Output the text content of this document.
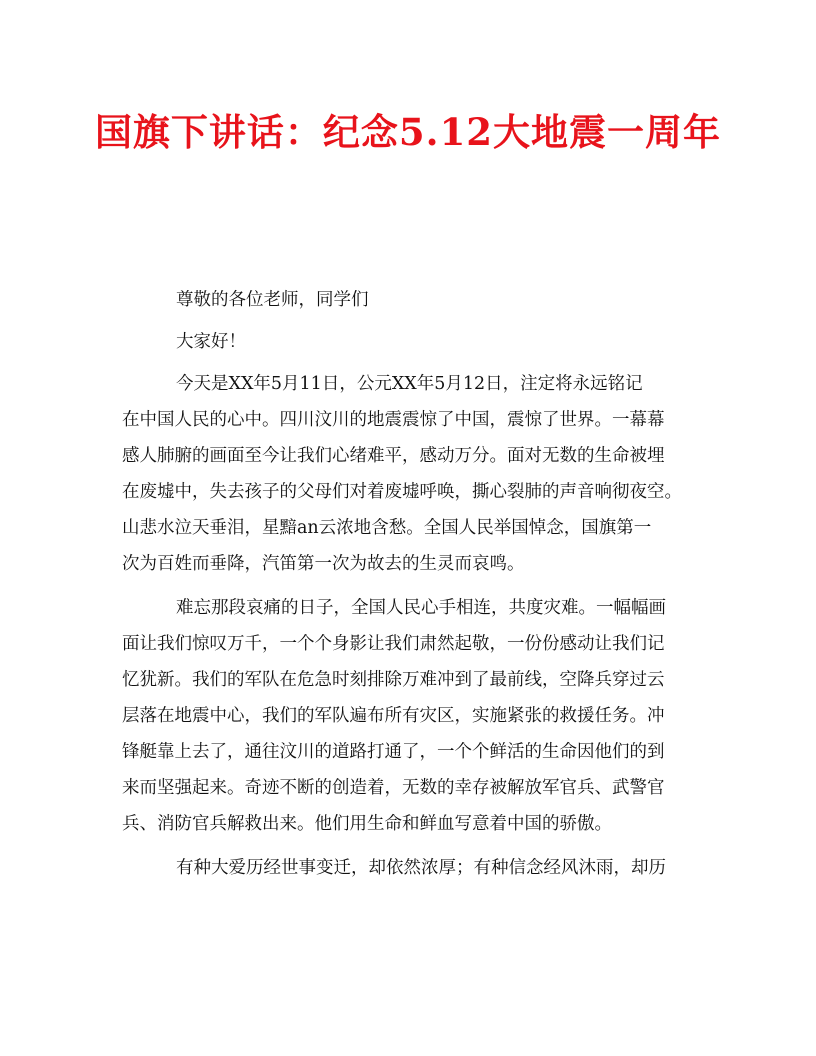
国旗下讲话：纪念5.12大地震一周年
尊敬的各位老师，同学们
大家好！
今天是XX年5月11日，公元XX年5月12日，注定将永远铭记
在中国人民的心中。四川汶川的地震震惊了中国，震惊了世界。一幕幕
感人肺腑的画面至今让我们心绪难平，感动万分。面对无数的生命被埋
在废墟中，失去孩子的父母们对着废墟呼唤，撕心裂肺的声音响彻夜空。
山悲水泣天垂泪，星黯an云浓地含愁。全国人民举国悼念，国旗第一
次为百姓而垂降，汽笛第一次为故去的生灵而哀鸣。
难忘那段哀痛的日子，全国人民心手相连，共度灾难。一幅幅画
面让我们惊叹万千，一个个身影让我们肃然起敬，一份份感动让我们记
忆犹新。我们的军队在危急时刻排除万难冲到了最前线，空降兵穿过云
层落在地震中心，我们的军队遍布所有灾区，实施紧张的救援任务。冲
锋艇靠上去了，通往汶川的道路打通了，一个个鲜活的生命因他们的到
来而坚强起来。奇迹不断的创造着，无数的幸存被解放军官兵、武警官
兵、消防官兵解救出来。他们用生命和鲜血写意着中国的骄傲。
有种大爱历经世事变迁，却依然浓厚；有种信念经风沐雨，却历
